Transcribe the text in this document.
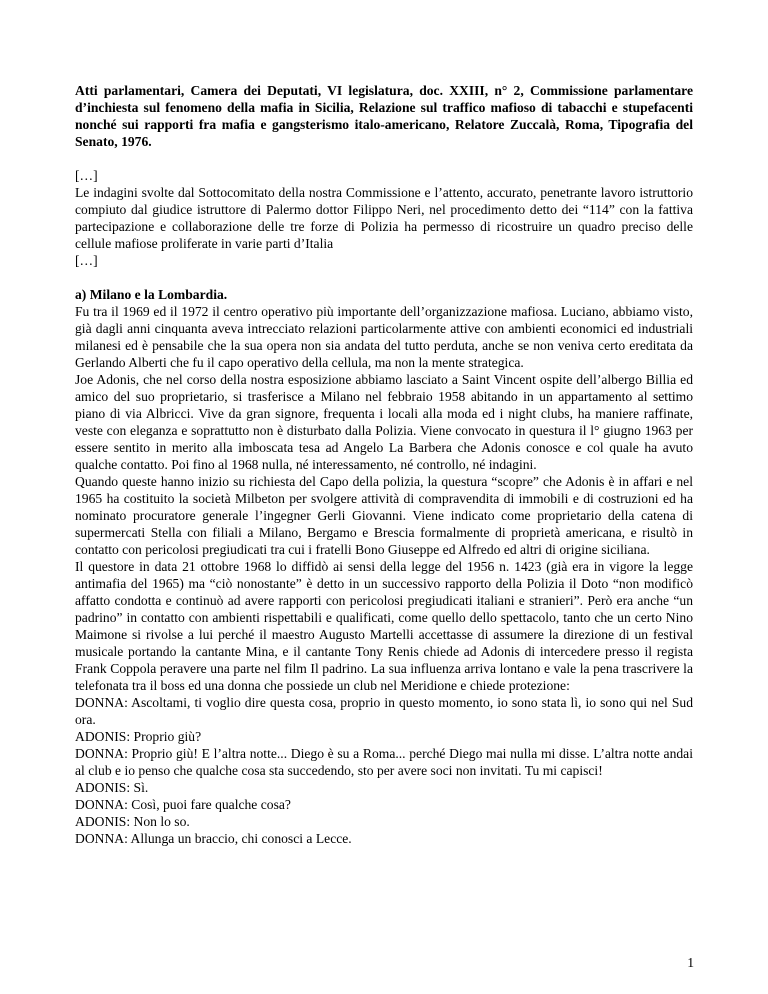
Atti parlamentari, Camera dei Deputati, VI legislatura, doc. XXIII, n° 2, Commissione parlamentare d’inchiesta sul fenomeno della mafia in Sicilia, Relazione sul traffico mafioso di tabacchi e stupefacenti nonché sui rapporti fra mafia e gangsterismo italo-americano, Relatore Zuccalà, Roma, Tipografia del Senato, 1976.

[…]

Le indagini svolte dal Sottocomitato della nostra Commissione e l’attento, accurato, penetrante lavoro istruttorio compiuto dal giudice istruttore di Palermo dottor Filippo Neri, nel procedimento detto dei “114” con la fattiva partecipazione e collaborazione delle tre forze di Polizia ha permesso di ricostruire un quadro preciso delle cellule mafiose proliferate in varie parti d’Italia

[…]

a) Milano e la Lombardia.

Fu tra il 1969 ed il 1972 il centro operativo più importante dell’organizzazione mafiosa. Luciano, abbiamo visto, già dagli anni cinquanta aveva intrecciato relazioni particolarmente attive con ambienti economici ed industriali milanesi ed è pensabile che la sua opera non sia andata del tutto perduta, anche se non veniva certo ereditata da Gerlando Alberti che fu il capo operativo della cellula, ma non la mente strategica.

Joe Adonis, che nel corso della nostra esposizione abbiamo lasciato a Saint Vincent ospite dell’albergo Billia ed amico del suo proprietario, si trasferisce a Milano nel febbraio 1958 abitando in un appartamento al settimo piano di via Albricci. Vive da gran signore, frequenta i locali alla moda ed i night clubs, ha maniere raffinate, veste con eleganza e soprattutto non è disturbato dalla Polizia. Viene convocato in questura il l° giugno 1963 per essere sentito in merito alla imboscata tesa ad Angelo La Barbera che Adonis conosce e col quale ha avuto qualche contatto. Poi fino al 1968 nulla, né interessamento, né controllo, né indagini.

Quando queste hanno inizio su richiesta del Capo della polizia, la questura “scopre” che Adonis è in affari e nel 1965 ha costituito la società Milbeton per svolgere attività di compravendita di immobili e di costruzioni ed ha nominato procuratore generale l’ingegner Gerli Giovanni. Viene indicato come proprietario della catena di supermercati Stella con filiali a Milano, Bergamo e Brescia formalmente di proprietà americana, e risultò in contatto con pericolosi pregiudicati tra cui i fratelli Bono Giuseppe ed Alfredo ed altri di origine siciliana.

Il questore in data 21 ottobre 1968 lo diffidò ai sensi della legge del 1956 n. 1423 (già era in vigore la legge antimafia del 1965) ma “ciò nonostante” è detto in un successivo rapporto della Polizia il Doto “non modificò affatto condotta e continuò ad avere rapporti con pericolosi pregiudicati italiani e stranieri”. Però era anche “un padrino” in contatto con ambienti rispettabili e qualificati, come quello dello spettacolo, tanto che un certo Nino Maimone si rivolse a lui perché il maestro Augusto Martelli accettasse di assumere la direzione di un festival musicale portando la cantante Mina, e il cantante Tony Renis chiede ad Adonis di intercedere presso il regista Frank Coppola peravere una parte nel film Il padrino. La sua influenza arriva lontano e vale la pena trascrivere la telefonata tra il boss ed una donna che possiede un club nel Meridione e chiede protezione:

DONNA: Ascoltami, ti voglio dire questa cosa, proprio in questo momento, io sono stata lì, io sono qui nel Sud ora.

ADONIS: Proprio giù?

DONNA: Proprio giù! E l’altra notte... Diego è su a Roma... perché Diego mai nulla mi disse. L’altra notte andai al club e io penso che qualche cosa sta succedendo, sto per avere soci non invitati. Tu mi capisci!

ADONIS: Sì.

DONNA: Così, puoi fare qualche cosa?

ADONIS: Non lo so.

DONNA: Allunga un braccio, chi conosci a Lecce.

1
